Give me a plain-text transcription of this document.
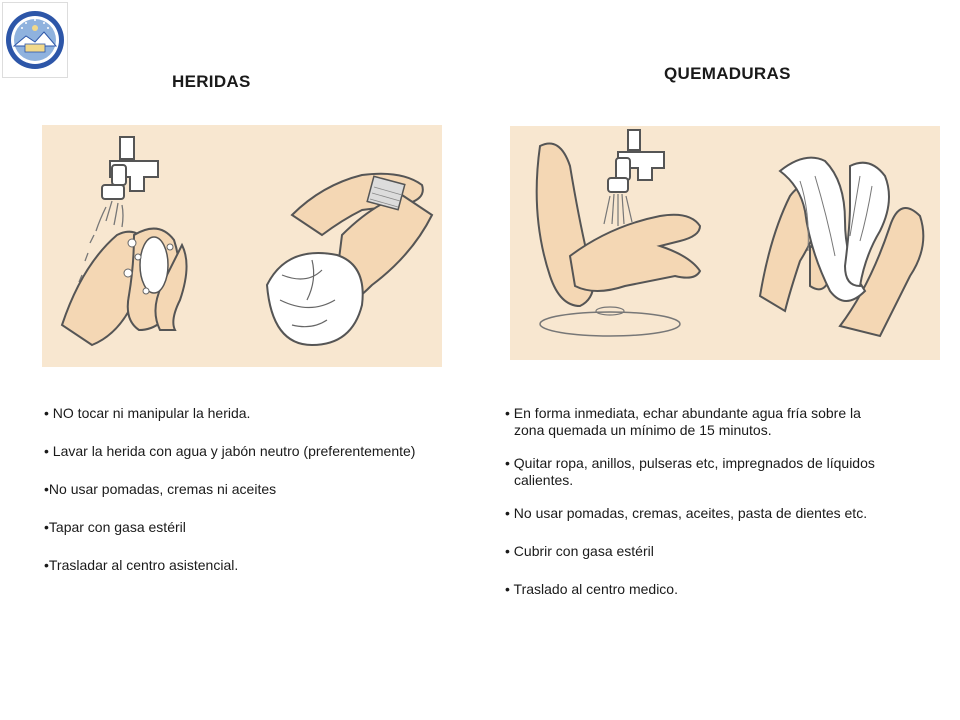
HERIDAS	QUEMADURAS
• NO tocar ni manipular la herida.
• Lavar la herida con agua y jabón neutro (preferentemente)
•No usar pomadas, cremas ni aceites
•Tapar con gasa estéril
•Trasladar al centro asistencial.
• En forma inmediata, echar abundante agua fría sobre la
zona quemada un mínimo de 15 minutos.
• Quitar ropa, anillos, pulseras etc, impregnados de líquidos
calientes.
• No usar pomadas, cremas, aceites, pasta de dientes etc.
• Cubrir con gasa estéril
• Traslado al centro medico.
